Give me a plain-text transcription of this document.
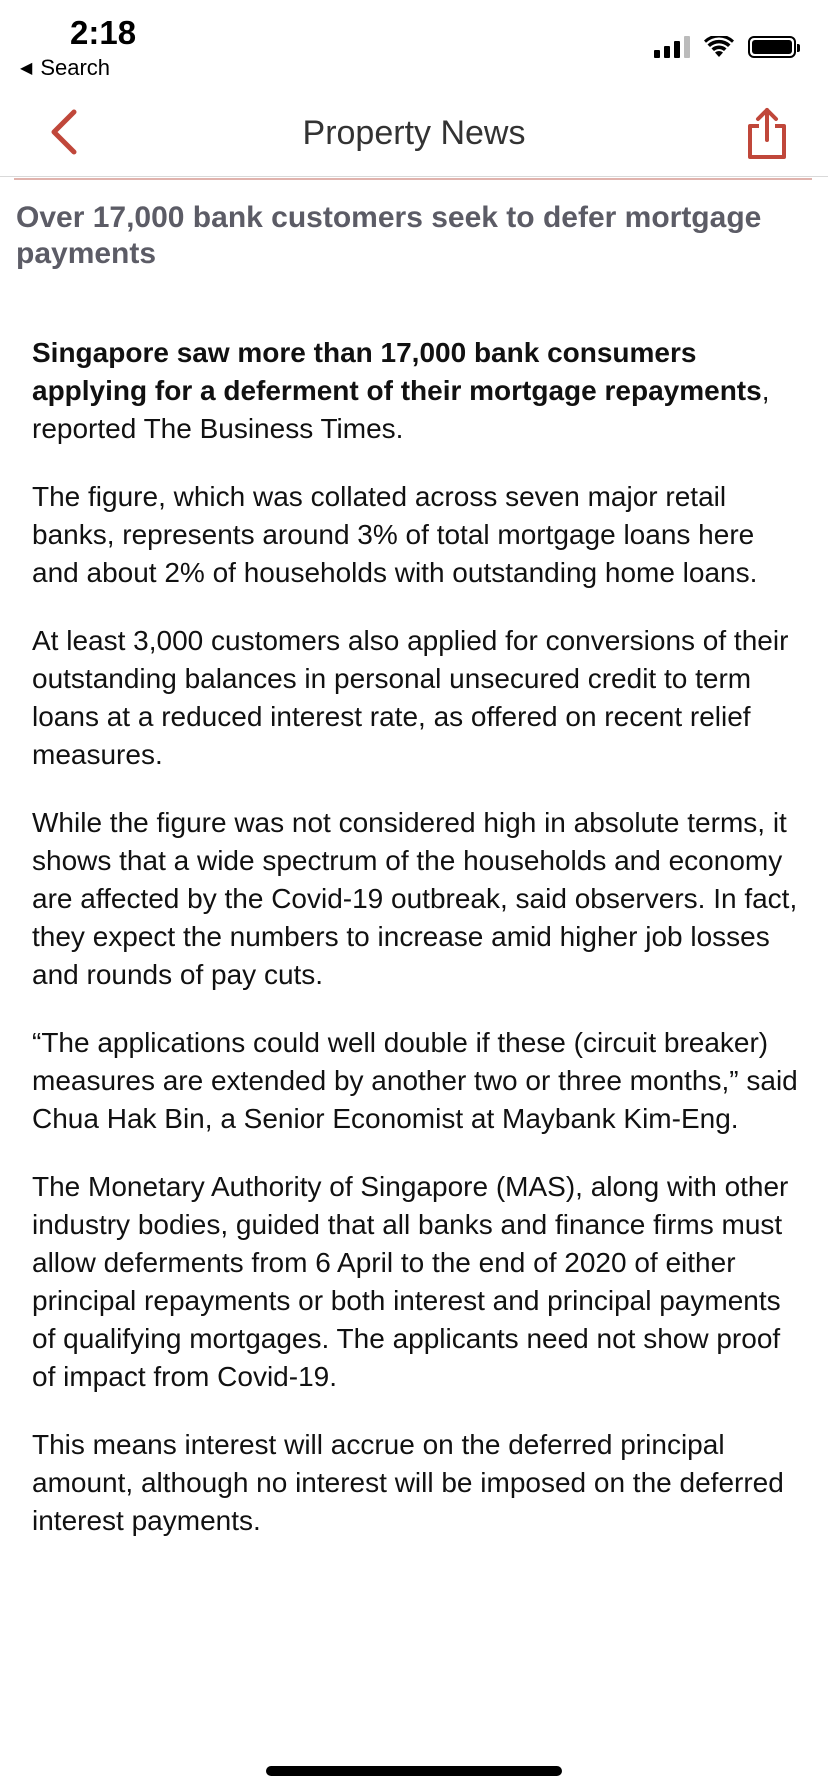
2:18
◀ Search
Property News
Over 17,000 bank customers seek to defer mortgage payments

Singapore saw more than 17,000 bank consumers applying for a deferment of their mortgage repayments, reported The Business Times.

The figure, which was collated across seven major retail banks, represents around 3% of total mortgage loans here and about 2% of households with outstanding home loans.

At least 3,000 customers also applied for conversions of their outstanding balances in personal unsecured credit to term loans at a reduced interest rate, as offered on recent relief measures.

While the figure was not considered high in absolute terms, it shows that a wide spectrum of the households and economy are affected by the Covid-19 outbreak, said observers. In fact, they expect the numbers to increase amid higher job losses and rounds of pay cuts.

“The applications could well double if these (circuit breaker) measures are extended by another two or three months,” said Chua Hak Bin, a Senior Economist at Maybank Kim-Eng.

The Monetary Authority of Singapore (MAS), along with other industry bodies, guided that all banks and finance firms must allow deferments from 6 April to the end of 2020 of either principal repayments or both interest and principal payments of qualifying mortgages. The applicants need not show proof of impact from Covid-19.

This means interest will accrue on the deferred principal amount, although no interest will be imposed on the deferred interest payments.
